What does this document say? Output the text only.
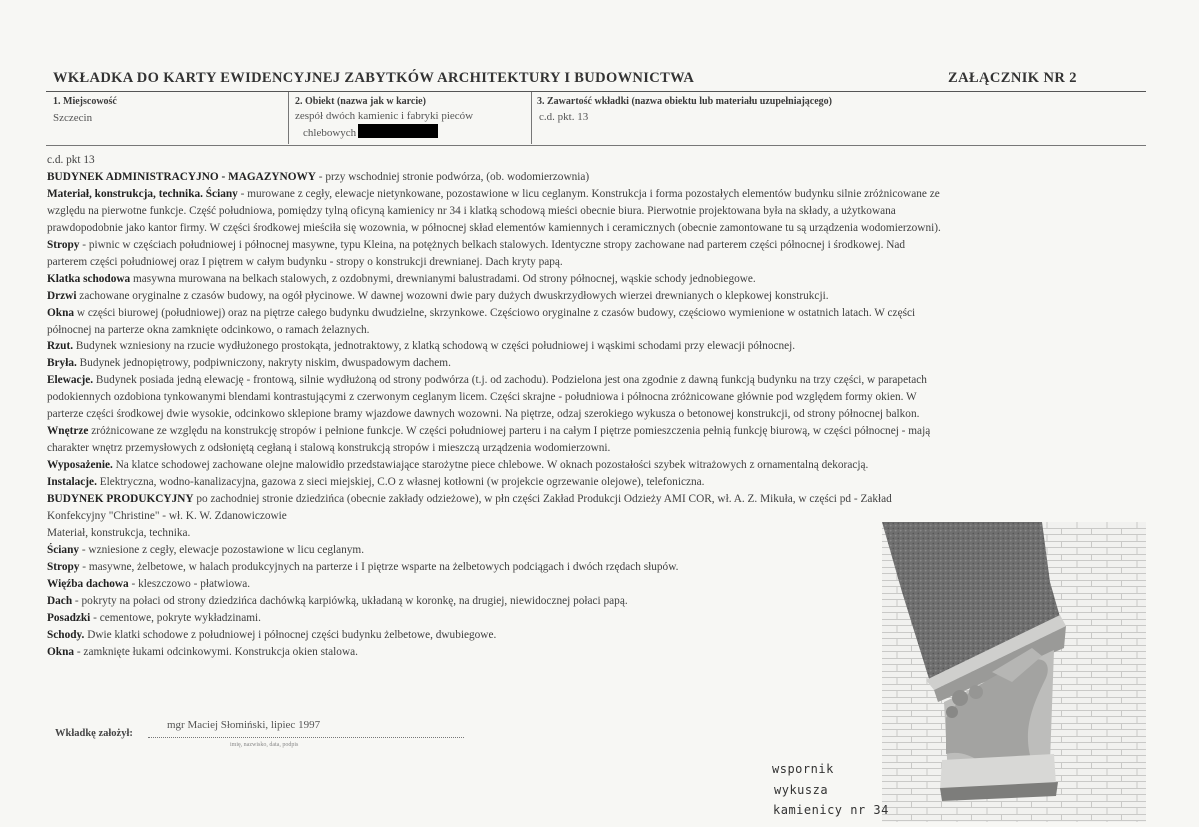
WKŁADKA DO KARTY EWIDENCYJNEJ ZABYTKÓW ARCHITEKTURY I BUDOWNICTWA	ZAŁĄCZNIK NR 2
1. Miejscowość
Szczecin
2. Obiekt (nazwa jak w karcie)
zespół dwóch kamienic i fabryki pieców
chlebowych
3. Zawartość wkładki (nazwa obiektu lub materiału uzupełniającego)
c.d. pkt. 13
c.d. pkt 13
BUDYNEK ADMINISTRACYJNO - MAGAZYNOWY - przy wschodniej stronie podwórza, (ob. wodomierzownia)
Materiał, konstrukcja, technika. Ściany - murowane z cegły, elewacje nietynkowane, pozostawione w licu ceglanym. Konstrukcja i forma pozostałych elementów budynku silnie zróżnicowane ze
względu na pierwotne funkcje. Część południowa, pomiędzy tylną oficyną kamienicy nr 34 i klatką schodową mieści obecnie biura. Pierwotnie projektowana była na składy, a użytkowana
prawdopodobnie jako kantor firmy. W części środkowej mieściła się wozownia, w północnej skład elementów kamiennych i ceramicznych (obecnie zamontowane tu są urządzenia wodomierzowni).
Stropy - piwnic w częściach południowej i północnej masywne, typu Kleina, na potężnych belkach stalowych. Identyczne stropy zachowane nad parterem części północnej i środkowej. Nad
parterem części południowej oraz I piętrem w całym budynku - stropy o konstrukcji drewnianej. Dach kryty papą.
Klatka schodowa masywna murowana na belkach stalowych, z ozdobnymi, drewnianymi balustradami. Od strony północnej, wąskie schody jednobiegowe.
Drzwi zachowane oryginalne z czasów budowy, na ogół płycinowe. W dawnej wozowni dwie pary dużych dwuskrzydłowych wierzei drewnianych o klepkowej konstrukcji.
Okna w części biurowej (południowej) oraz na piętrze całego budynku dwudzielne, skrzynkowe. Częściowo oryginalne z czasów budowy, częściowo wymienione w ostatnich latach. W części
północnej na parterze okna zamknięte odcinkowo, o ramach żelaznych.
Rzut. Budynek wzniesiony na rzucie wydłużonego prostokąta, jednotraktowy, z klatką schodową w części południowej i wąskimi schodami przy elewacji północnej.
Bryła. Budynek jednopiętrowy, podpiwniczony, nakryty niskim, dwuspadowym dachem.
Elewacje. Budynek posiada jedną elewację - frontową, silnie wydłużoną od strony podwórza (t.j. od zachodu). Podzielona jest ona zgodnie z dawną funkcją budynku na trzy części, w parapetach
podokiennych ozdobiona tynkowanymi blendami kontrastującymi z czerwonym ceglanym licem. Części skrajne - południowa i północna zróżnicowane głównie pod względem formy okien. W
parterze części środkowej dwie wysokie, odcinkowo sklepione bramy wjazdowe dawnych wozowni. Na piętrze, odzaj szerokiego wykusza o betonowej konstrukcji, od strony północnej balkon.
Wnętrze zróżnicowane ze względu na konstrukcję stropów i pełnione funkcje. W części południowej parteru i na całym I piętrze pomieszczenia pełnią funkcję biurową, w części północnej - mają
charakter wnętrz przemysłowych z odsłoniętą cegłaną i stalową konstrukcją stropów i mieszczą urządzenia wodomierzowni.
Wyposażenie. Na klatce schodowej zachowane olejne malowidło przedstawiające starożytne piece chlebowe. W oknach pozostałości szybek witrażowych z ornamentalną dekoracją.
Instalacje. Elektryczna, wodno-kanalizacyjna, gazowa z sieci miejskiej, C.O z własnej kotłowni (w projekcie ogrzewanie olejowe), telefoniczna.
BUDYNEK PRODUKCYJNY po zachodniej stronie dziedzińca (obecnie zakłady odzieżowe), w płn części Zakład Produkcji Odzieży AMI COR, wł. A. Z. Mikuła, w części pd - Zakład
Konfekcyjny "Christine" - wł. K. W. Zdanowiczowie
Materiał, konstrukcja, technika.
Ściany - wzniesione z cegły, elewacje pozostawione w licu ceglanym.
Stropy - masywne, żelbetowe, w halach produkcyjnych na parterze i I piętrze wsparte na żelbetowych podciągach i dwóch rzędach słupów.
Więźba dachowa - kleszczowo - płatwiowa.
Dach - pokryty na połaci od strony dziedzińca dachówką karpiówką, układaną w koronkę, na drugiej, niewidocznej połaci papą.
Posadzki - cementowe, pokryte wykładzinami.
Schody. Dwie klatki schodowe z południowej i północnej części budynku żelbetowe, dwubiegowe.
Okna - zamknięte łukami odcinkowymi. Konstrukcja okien stalowa.
Wkładkę założył:
mgr Maciej Słomiński, lipiec 1997
imię, nazwisko, data, podpis
wspornik
wykusza
kamienicy nr 34
